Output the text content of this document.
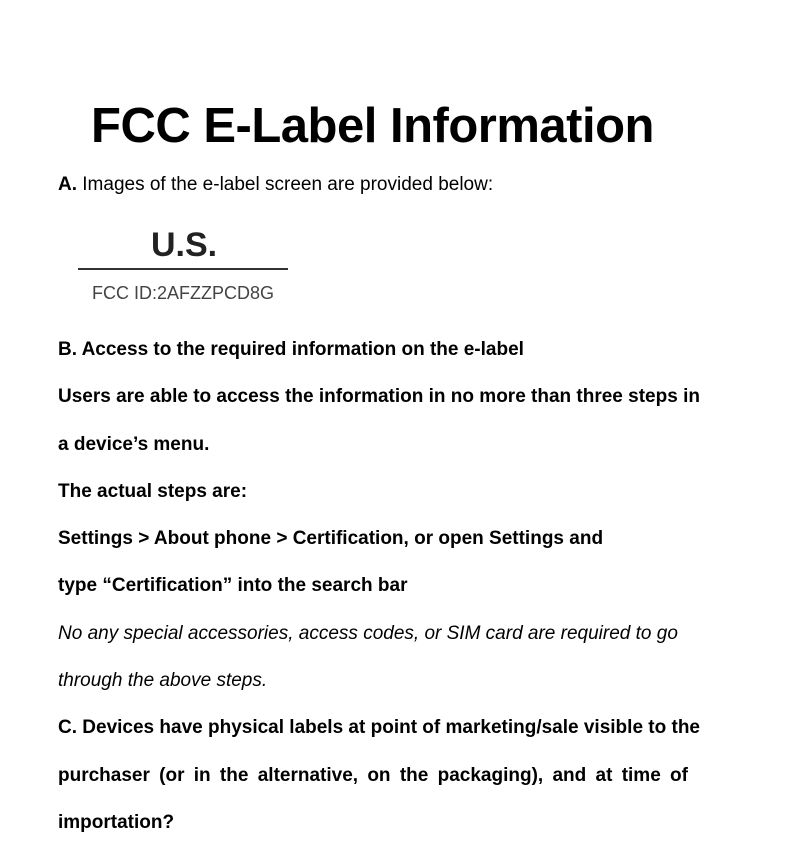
FCC E-Label Information
A. Images of the e-label screen are provided below:
U.S.
FCC ID:2AFZZPCD8G
B. Access to the required information on the e-label
Users are able to access the information in no more than three steps in
a device’s menu.
The actual steps are:
Settings > About phone > Certification, or open Settings and
type “Certification” into the search bar
No any special accessories, access codes, or SIM card are required to go
through the above steps.
C. Devices have physical labels at point of marketing/sale visible to the
purchaser (or in the alternative, on the packaging), and at time of
importation?
